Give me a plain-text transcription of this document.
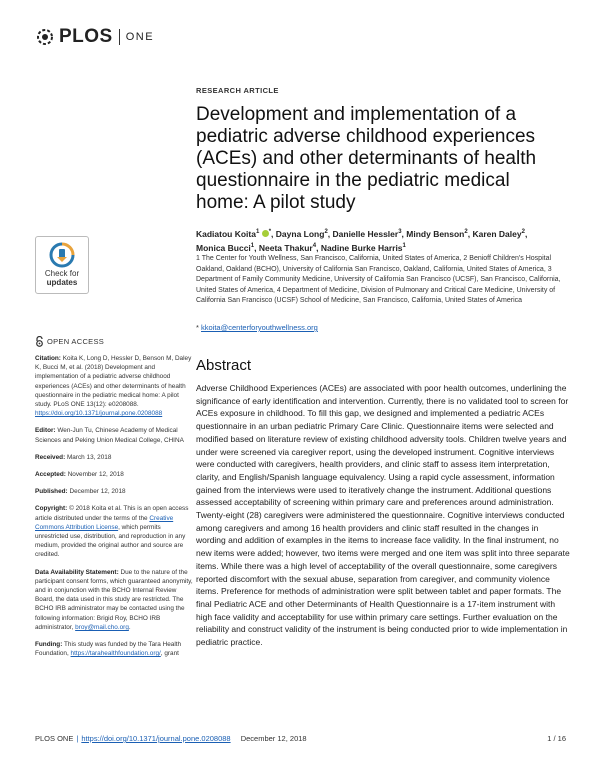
PLOS ONE
RESEARCH ARTICLE
Development and implementation of a pediatric adverse childhood experiences (ACEs) and other determinants of health questionnaire in the pediatric medical home: A pilot study
Kadiatou Koita$^1$ *, Dayna Long$^2$, Danielle Hessler$^3$, Mindy Benson$^2$, Karen Daley$^2$,
Monica Bucci$^1$, Neeta Thakur$^4$, Nadine Burke Harris$^1$
1 The Center for Youth Wellness, San Francisco, California, United States of America, 2 Benioff Children's Hospital Oakland, Oakland (BCHO), University of California San Francisco, Oakland, California, United States of America, 3 Department of Family Community Medicine, University of California San Francisco (UCSF), San Francisco, California, United States of America, 4 Department of Medicine, Division of Pulmonary and Critical Care Medicine, University of California San Francisco (UCSF) School of Medicine, San Francisco, California, United States of America
* kkoita@centerforyouthwellness.org
Abstract

Adverse Childhood Experiences (ACEs) are associated with poor health outcomes, underlining the significance of early identification and intervention. Currently, there is no validated tool to screen for ACEs exposure in childhood. To fill this gap, we designed and implemented a pediatric ACEs questionnaire in an urban pediatric Primary Care Clinic. Questionnaire items were selected and modified based on literature review of existing childhood adversity tools. Children twelve years and under were screened via caregiver report, using the developed instrument. Cognitive interviews were conducted with caregivers, health providers, and clinic staff to assess item interpretation, clarity, and English/Spanish language equivalency. Using a rapid cycle assessment, information gained from the interviews were used to iteratively change the instrument. Additional questions assessed acceptability of screening within primary care and preferences around administration. Twenty-eight (28) caregivers were administered the questionnaire. Cognitive interviews conducted among caregivers and among 16 health providers and clinic staff resulted in the changes in wording and addition of examples in the items to increase face validity. In the final instrument, no new items were added; however, two items were merged and one item was split into three separate items. While there was a high level of acceptability of the overall questionnaire, some caregivers reported discomfort with the sexual abuse, separation from caregiver, and community violence items. Preference for methods of administration were split between tablet and paper formats. The final Pediatric ACE and other Determinants of Health Questionnaire is a 17-item instrument with high face validity and acceptability for use within primary care settings. Further evaluation on the reliability and construct validity of the instrument is being conducted prior to wide implementation in pediatric practice.

Check for
updates
OPEN ACCESS

Citation: Koita K, Long D, Hessler D, Benson M, Daley K, Bucci M, et al. (2018) Development and implementation of a pediatric adverse childhood experiences (ACEs) and other determinants of health questionnaire in the pediatric medical home: A pilot study. PLoS ONE 13(12): e0208088. https://doi.org/10.1371/journal.pone.0208088

Editor: Wen-Jun Tu, Chinese Academy of Medical Sciences and Peking Union Medical College, CHINA

Received: March 13, 2018

Accepted: November 12, 2018

Published: December 12, 2018

Copyright: © 2018 Koita et al. This is an open access article distributed under the terms of the Creative Commons Attribution License, which permits unrestricted use, distribution, and reproduction in any medium, provided the original author and source are credited.

Data Availability Statement: Due to the nature of the participant consent forms, which guaranteed anonymity, and in conjunction with the BCHO Internal Review Board, the data used in this study are restricted. The BCHO IRB administrator may be contacted using the following information: Brigid Roy, BCHO IRB administrator, broy@mail.cho.org.

Funding: This study was funded by the Tara Health Foundation, https://tarahealthfoundation.org/, grant

PLOS ONE | https://doi.org/10.1371/journal.pone.0208088 December 12, 2018	1 / 16
